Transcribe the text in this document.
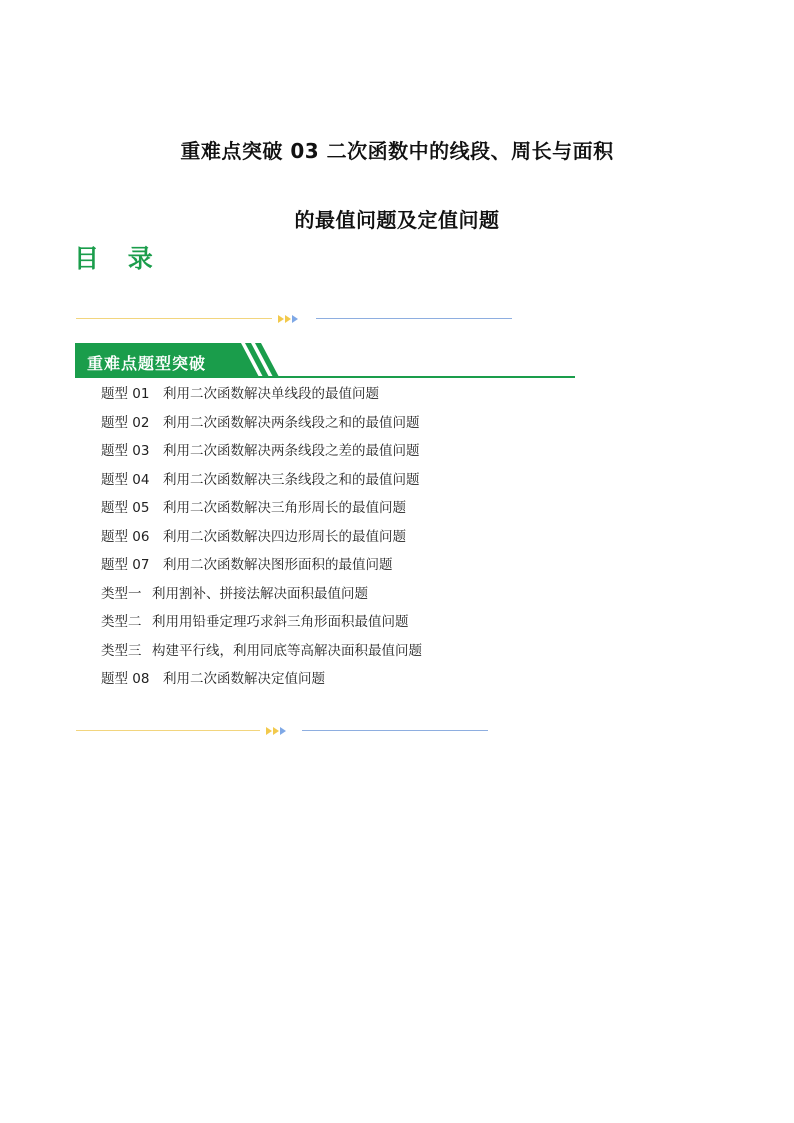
重难点突破 03 二次函数中的线段、周长与面积
的最值问题及定值问题
目 录
重难点题型突破
题型 01 利用二次函数解决单线段的最值问题
题型 02 利用二次函数解决两条线段之和的最值问题
题型 03 利用二次函数解决两条线段之差的最值问题
题型 04 利用二次函数解决三条线段之和的最值问题
题型 05 利用二次函数解决三角形周长的最值问题
题型 06 利用二次函数解决四边形周长的最值问题
题型 07 利用二次函数解决图形面积的最值问题
类型一 利用割补、拼接法解决面积最值问题
类型二 利用用铅垂定理巧求斜三角形面积最值问题
类型三 构建平行线，利用同底等高解决面积最值问题
题型 08 利用二次函数解决定值问题
